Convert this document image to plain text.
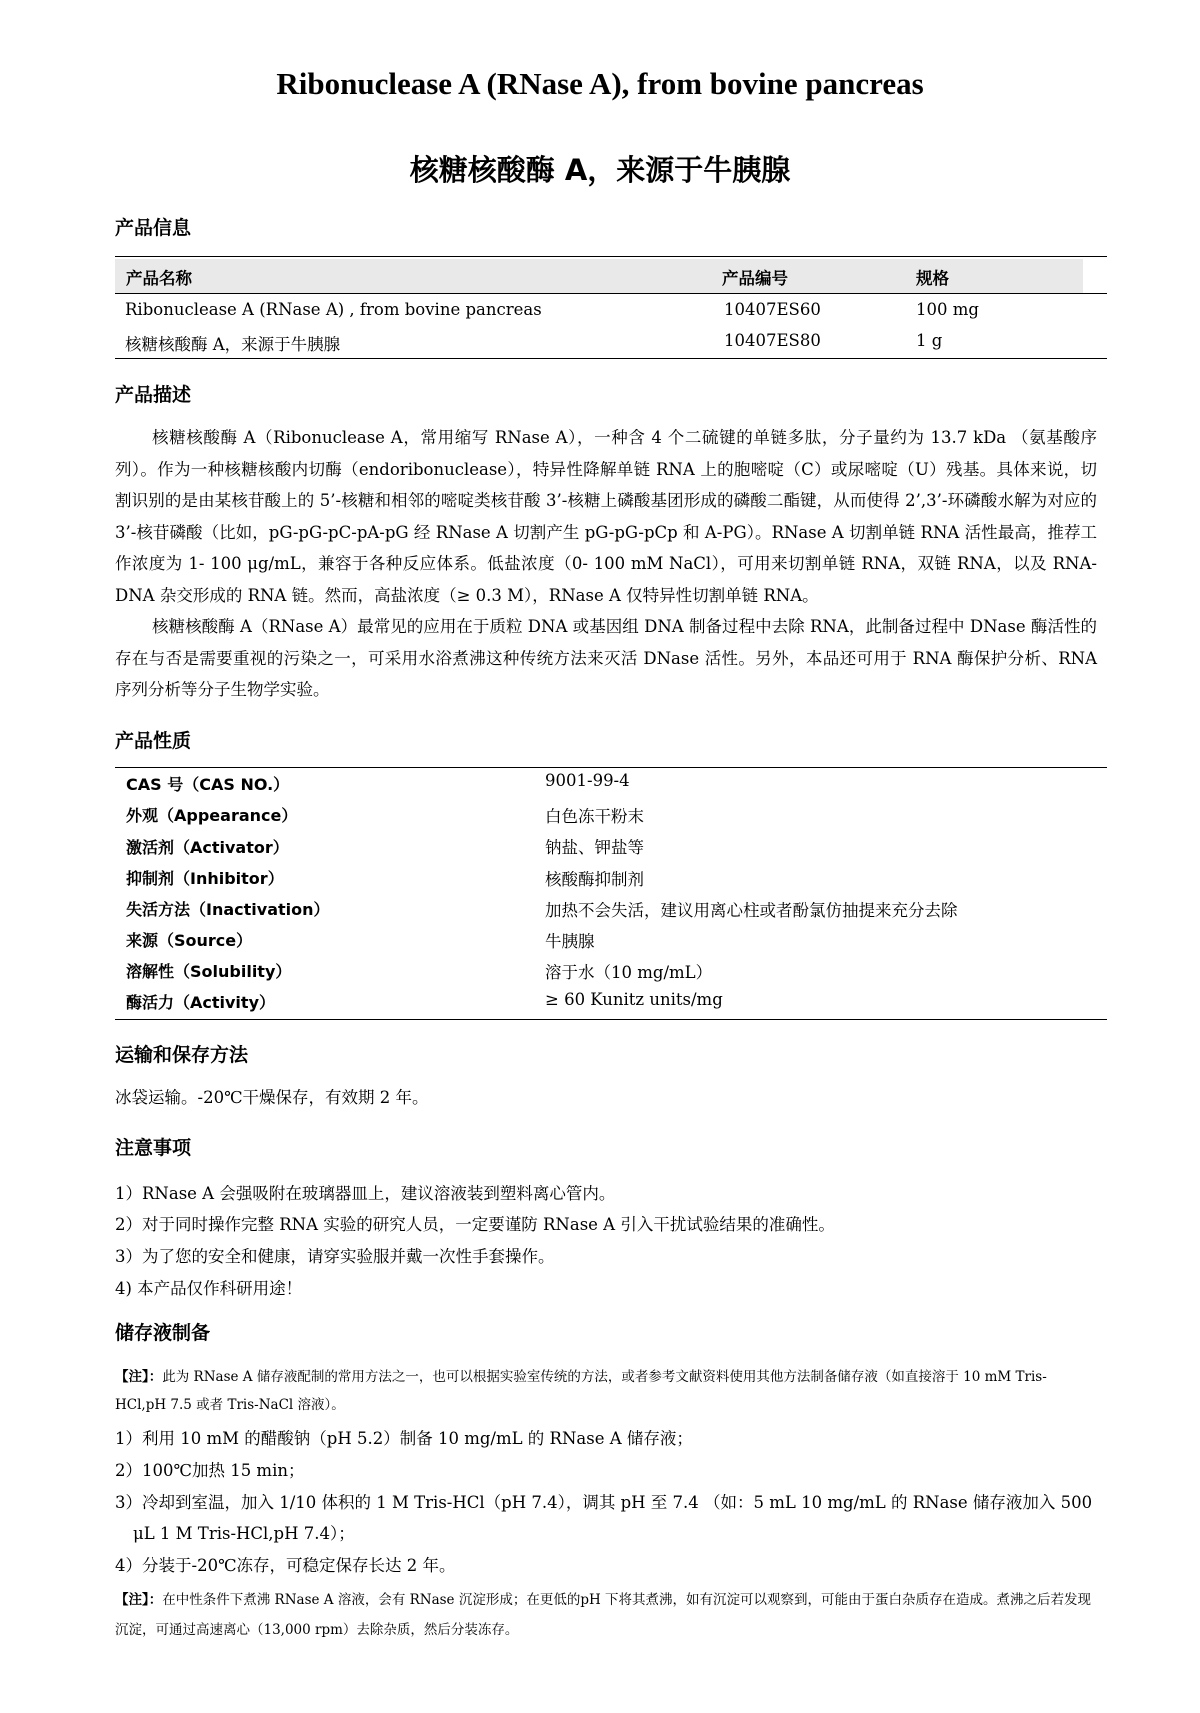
Ribonuclease A (RNase A), from bovine pancreas
核糖核酸酶 A，来源于牛胰腺
产品信息
产品名称	产品编号	规格
Ribonuclease A (RNase A) , from bovine pancreas	10407ES60	100 mg
核糖核酸酶 A，来源于牛胰腺	10407ES80	1 g
产品描述

核糖核酸酶 A（Ribonuclease A，常用缩写 RNase A），一种含 4 个二硫键的单链多肽，分子量约为 13.7 kDa （氨基酸序列）。作为一种核糖核酸内切酶（endoribonuclease），特异性降解单链 RNA 上的胞嘧啶（C）或尿嘧啶（U）残基。具体来说，切割识别的是由某核苷酸上的 5’-核糖和相邻的嘧啶类核苷酸 3’-核糖上磷酸基团形成的磷酸二酯键，从而使得 2’,3’-环磷酸水解为对应的 3’-核苷磷酸（比如，pG-pG-pC-pA-pG 经 RNase A 切割产生 pG-pG-pCp 和 A-PG）。RNase A 切割单链 RNA 活性最高，推荐工作浓度为 1- 100 μg/mL，兼容于各种反应体系。低盐浓度（0- 100 mM NaCl），可用来切割单链 RNA，双链 RNA，以及 RNA-DNA 杂交形成的 RNA 链。然而，高盐浓度（≥ 0.3 M），RNase A 仅特异性切割单链 RNA。

核糖核酸酶 A（RNase A）最常见的应用在于质粒 DNA 或基因组 DNA 制备过程中去除 RNA，此制备过程中 DNase 酶活性的存在与否是需要重视的污染之一，可采用水浴煮沸这种传统方法来灭活 DNase 活性。另外，本品还可用于 RNA 酶保护分析、RNA 序列分析等分子生物学实验。

产品性质
CAS 号（CAS NO.）	9001-99-4
外观（Appearance）	白色冻干粉末
激活剂（Activator）	钠盐、钾盐等
抑制剂（Inhibitor）	核酸酶抑制剂
失活方法（Inactivation）	加热不会失活，建议用离心柱或者酚氯仿抽提来充分去除
来源（Source）	牛胰腺
溶解性（Solubility）	溶于水（10 mg/mL）
酶活力（Activity）	≥ 60 Kunitz units/mg
运输和保存方法
冰袋运输。-20℃干燥保存，有效期 2 年。
注意事项
1）RNase A 会强吸附在玻璃器皿上，建议溶液装到塑料离心管内。
2）对于同时操作完整 RNA 实验的研究人员，一定要谨防 RNase A 引入干扰试验结果的准确性。
3）为了您的安全和健康，请穿实验服并戴一次性手套操作。
4) 本产品仅作科研用途！
储存液制备

【注】：此为 RNase A 储存液配制的常用方法之一，也可以根据实验室传统的方法，或者参考文献资料使用其他方法制备储存液（如直接溶于 10 mM Tris-HCl,pH 7.5 或者 Tris-NaCl 溶液）。

1）利用 10 mM 的醋酸钠（pH 5.2）制备 10 mg/mL 的 RNase A 储存液；
2）100℃加热 15 min；
3）冷却到室温，加入 1/10 体积的 1 M Tris-HCl（pH 7.4），调其 pH 至 7.4 （如：5 mL 10 mg/mL 的 RNase 储存液加入 500
μL 1 M Tris-HCl,pH 7.4）；
4）分装于-20℃冻存，可稳定保存长达 2 年。

【注】：在中性条件下煮沸 RNase A 溶液，会有 RNase 沉淀形成；在更低的pH 下将其煮沸，如有沉淀可以观察到，可能由于蛋白杂质存在造成。煮沸之后若发现沉淀，可通过高速离心（13,000 rpm）去除杂质，然后分装冻存。
